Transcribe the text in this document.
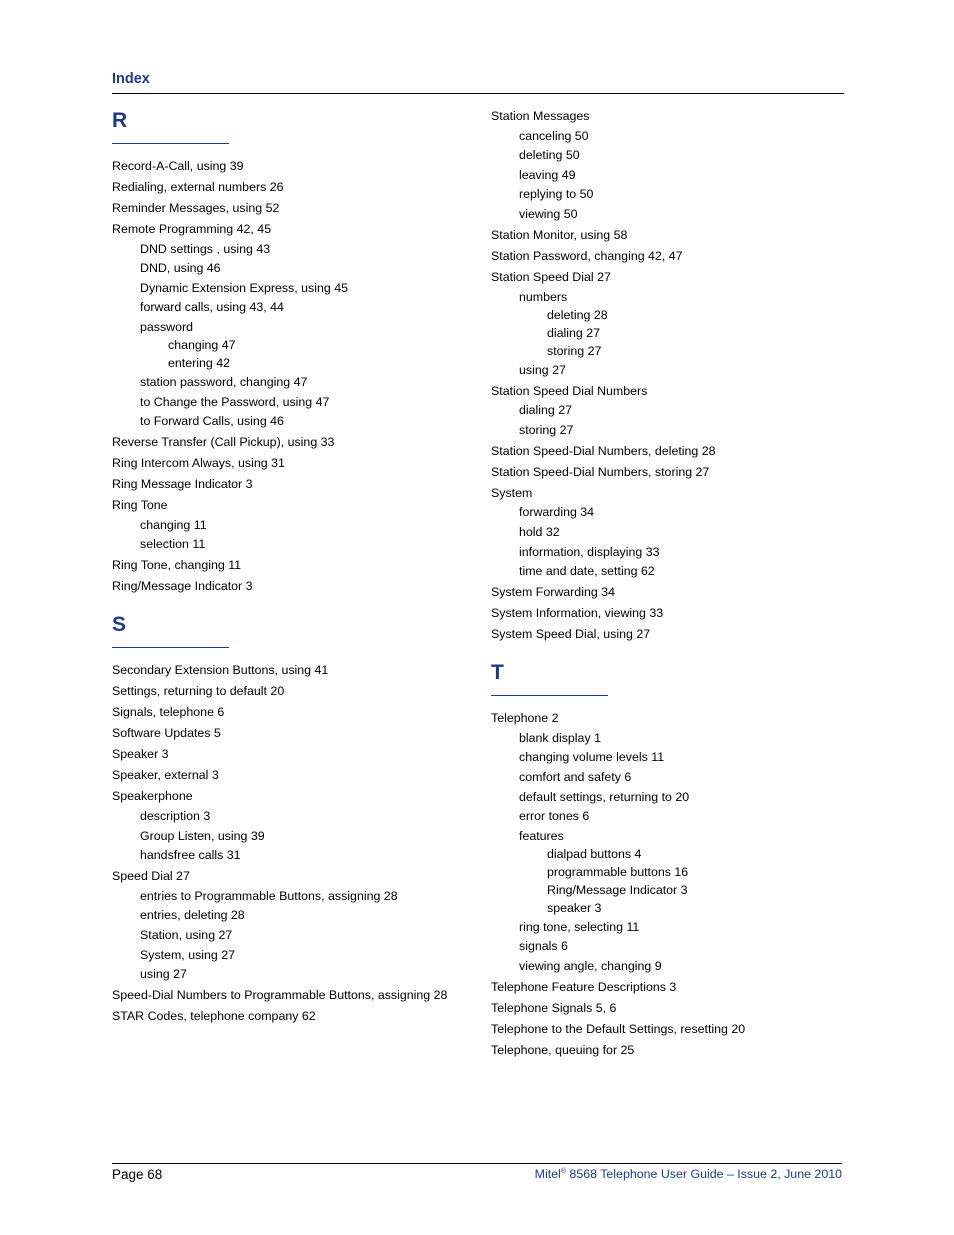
Index
R
Record-A-Call, using 39
Redialing, external numbers 26
Reminder Messages, using 52
Remote Programming 42, 45
DND settings , using 43
DND, using 46
Dynamic Extension Express, using 45
forward calls, using 43, 44
password
changing 47
entering 42
station password, changing 47
to Change the Password, using 47
to Forward Calls, using 46
Reverse Transfer (Call Pickup), using 33
Ring Intercom Always, using 31
Ring Message Indicator 3
Ring Tone
changing 11
selection 11
Ring Tone, changing 11
Ring/Message Indicator 3
S
Secondary Extension Buttons, using 41
Settings, returning to default 20
Signals, telephone 6
Software Updates 5
Speaker 3
Speaker, external 3
Speakerphone
description 3
Group Listen, using 39
handsfree calls 31
Speed Dial 27
entries to Programmable Buttons, assigning 28
entries, deleting 28
Station, using 27
System, using 27
using 27
Speed-Dial Numbers to Programmable Buttons, assigning 28
STAR Codes, telephone company 62
Station Messages
canceling 50
deleting 50
leaving 49
replying to 50
viewing 50
Station Monitor, using 58
Station Password, changing 42, 47
Station Speed Dial 27
numbers
deleting 28
dialing 27
storing 27
using 27
Station Speed Dial Numbers
dialing 27
storing 27
Station Speed-Dial Numbers, deleting 28
Station Speed-Dial Numbers, storing 27
System
forwarding 34
hold 32
information, displaying 33
time and date, setting 62
System Forwarding 34
System Information, viewing 33
System Speed Dial, using 27
T
Telephone 2
blank display 1
changing volume levels 11
comfort and safety 6
default settings, returning to 20
error tones 6
features
dialpad buttons 4
programmable buttons 16
Ring/Message Indicator 3
speaker 3
ring tone, selecting 11
signals 6
viewing angle, changing 9
Telephone Feature Descriptions 3
Telephone Signals 5, 6
Telephone to the Default Settings, resetting 20
Telephone, queuing for 25
Page 68	Mitel® 8568 Telephone User Guide – Issue 2, June 2010
